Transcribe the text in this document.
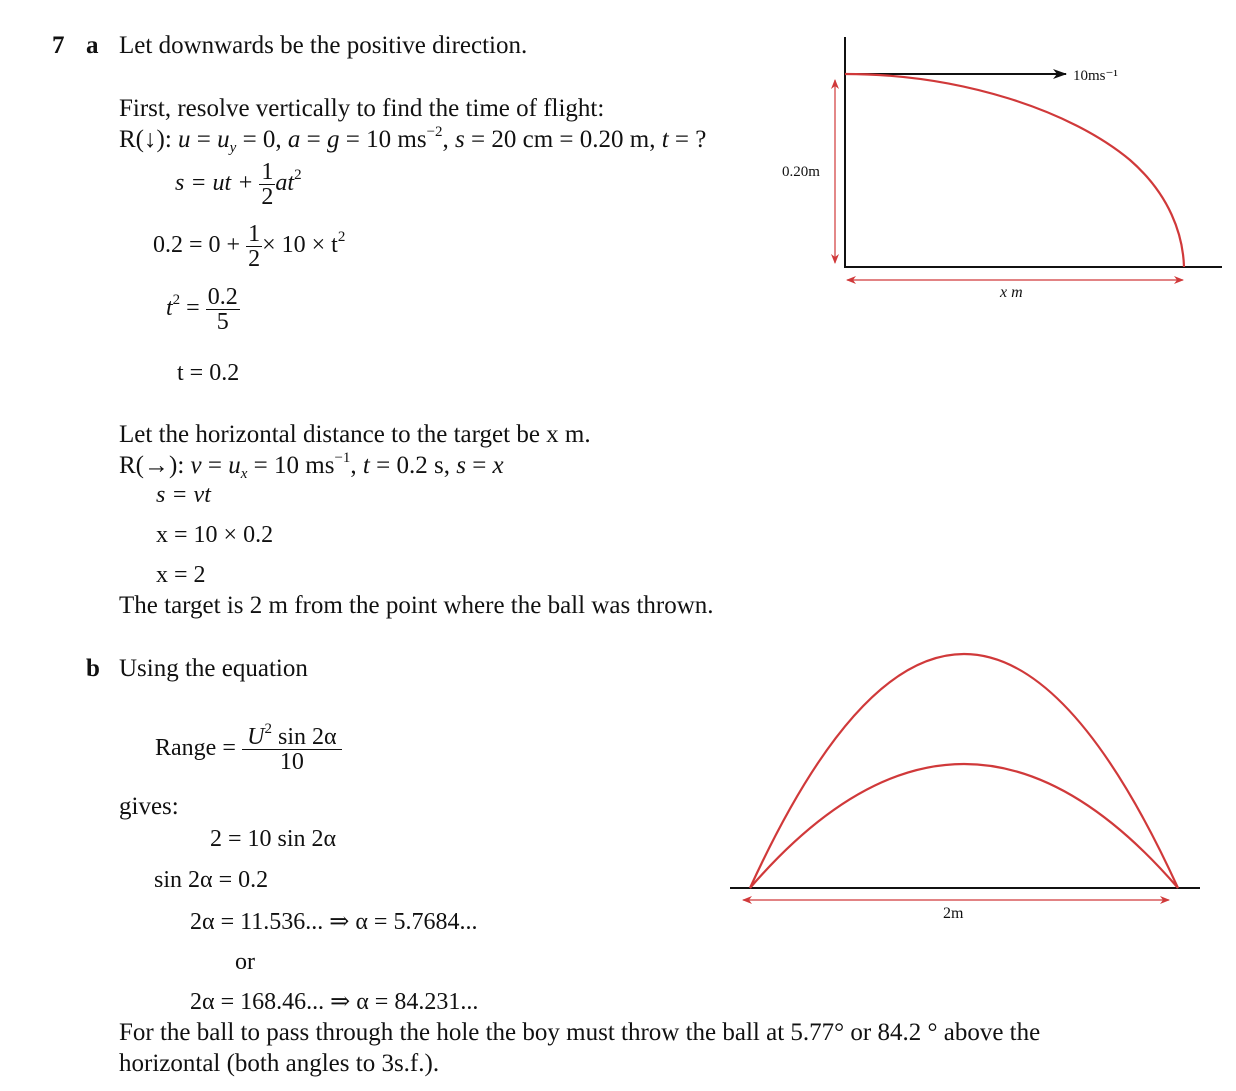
7 a Let downwards be the positive direction.
First, resolve vertically to find the time of flight:
R(↓): $u = u_y = 0$, a = g = 10 $ms^{-2}$, s = 20 cm = 0.20 m, t = ?
s = ut + $\frac{1}{2} at^2$
$0.2 = 0 + \frac{1}{2} \times 10 \times t^2$
$t^2 = \frac{0.2}{5}$
t = 0.2
Let the horizontal distance to the target be x m.
R(→): $v = u_x = 10$ $ms^{-1}$, t = 0.2 s, s = x
s = vt
x = 10 × 0.2
x = 2
The target is 2 m from the point where the ball was thrown.
b Using the equation
Range = $\frac{U^2 \sin 2\alpha}{10}$
gives:
2 = 10 sin 2α
sin 2α = 0.2
2α = 11.536... ⇒ α = 5.7684...
or
2α = 168.46... ⇒ α = 84.231...
For the ball to pass through the hole the boy must throw the ball at 5.77° or 84.2 ° above the
horizontal (both angles to 3s.f.).
10ms⁻¹
0.20m
x m
2m
